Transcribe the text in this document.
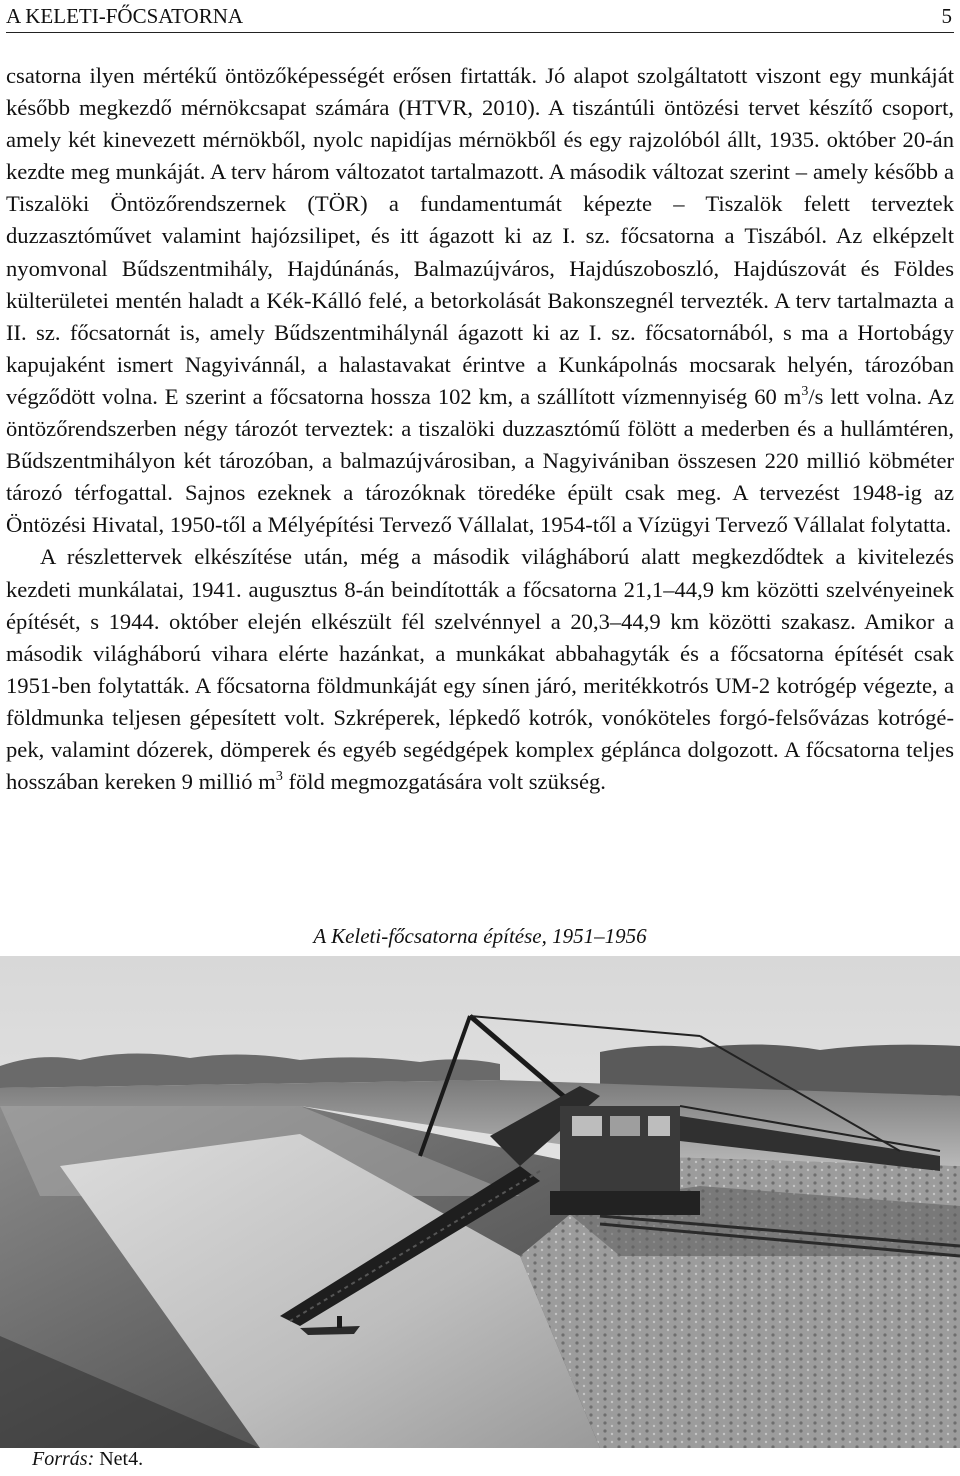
A KELETI-FŐCSATORNA	5

csatorna ilyen mértékű öntözőképességét erősen firtatták. Jó alapot szolgáltatott viszont egy munkáját később megkezdő mérnökcsapat számára (HTVR, 2010). A tiszántúli öntözési tervet készítő csoport, amely két kinevezett mérnökből, nyolc napidíjas mérnökből és egy rajzolóból állt, 1935. október 20-án kezdte meg munkáját. A terv három változatot tartalmazott. A második változat szerint – amely később a Tiszalöki Öntözőrendszernek (TÖR) a fundamentumát képezte – Tiszalök felett terveztek duzzasztóművet valamint hajózsilipet, és itt ágazott ki az I. sz. főcsatorna a Tiszából. Az elképzelt nyomvonal Bűdszentmihály, Hajdúnánás, Balmazújváros, Hajdúszoboszló, Hajdúszovát és Földes külterületei mentén haladt a Kék-Kálló felé, a betorkolását Bakonszegnél tervezték. A terv tartalmazta a II. sz. főcsatornát is, amely Bűdszentmihálynál ágazott ki az I. sz. főcsatornából, s ma a Hortobágy kapujaként ismert Nagyivánnál, a halastavakat érintve a Kunkápolnás mocsarak helyén, tározóban végződött volna. E szerint a főcsatorna hossza 102 km, a szállított vízmennyiség 60 $m^3/s$ lett volna. Az öntözőrendszerben négy tározót terveztek: a tiszalöki duzzasztómű fölött a mederben és a hullámtéren, Bűdszentmihályon két tározóban, a balmazújvárosiban, a Nagyivániban összesen 220 millió köbméter tározó térfogattal. Sajnos ezeknek a tározóknak töredéke épült csak meg. A tervezést 1948-ig az Öntözési Hivatal, 1950-től a Mélyépítési Tervező Vállalat, 1954-től a Vízügyi Tervező Vállalat folytatta.

A részlettervek elkészítése után, még a második világháború alatt megkezdődtek a kivitelezés kezdeti munkálatai, 1941. augusztus 8-án beindították a főcsatorna 21,1–44,9 km közötti szelvényeinek építését, s 1944. október elején elkészült fél szelvénnyel a 20,3–44,9 km közötti szakasz. Amikor a második világháború vihara elérte hazánkat, a munkákat abbahagyták és a főcsatorna építését csak 1951-ben folytatták. A főcsatorna földmunkáját egy sínen járó, meritékkotrós UM-2 kotrógép végezte, a földmunka teljesen gépesített volt. Szkréperek, lépkedő kotrók, vonóköteles forgó-felsővázas kotrógépek, valamint dózerek, dömperek és egyéb segédgépek komplex géplánca dolgozott. A főcsatorna teljes hosszában kereken 9 millió $m^3$ föld megmozgatására volt szükség.

A Keleti-főcsatorna építése, 1951–1956
Forrás: Net4.
